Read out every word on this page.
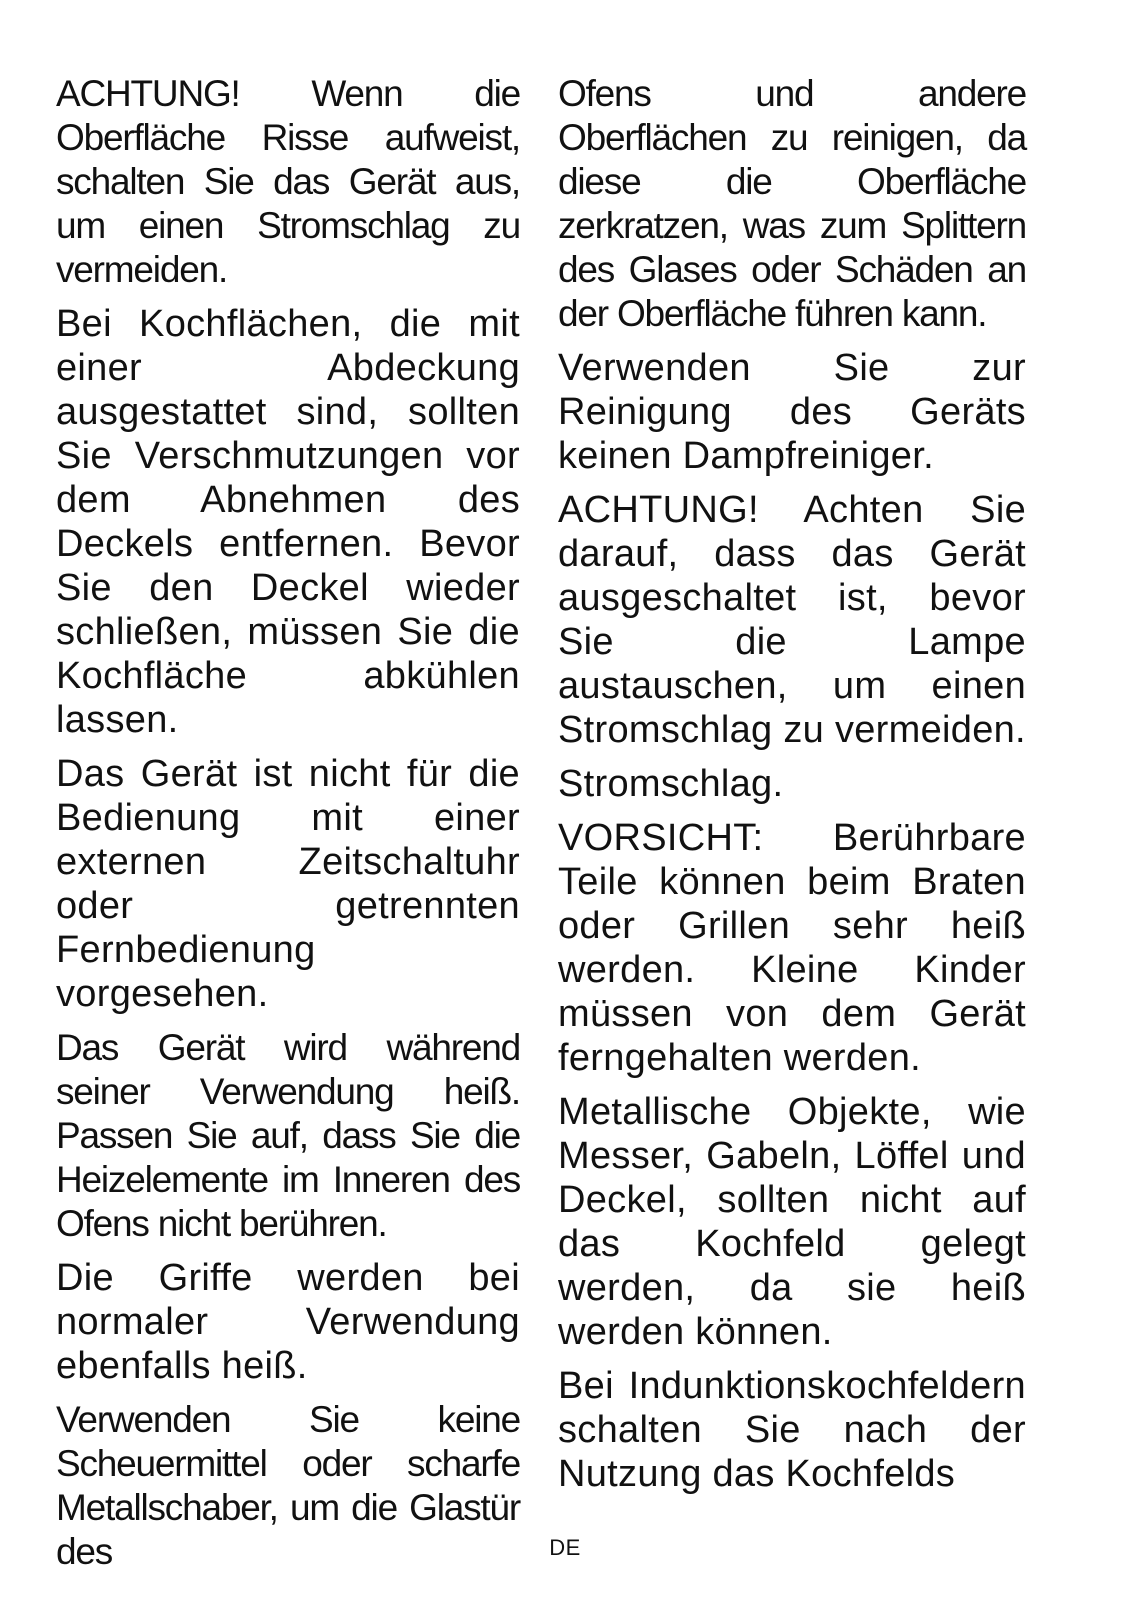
ACHTUNG! Wenn die Oberfläche Risse aufweist, schalten Sie das Gerät aus, um einen Stromschlag zu vermeiden.

Bei Kochflächen, die mit einer Abdeckung ausgestattet sind, sollten Sie Verschmutzungen vor dem Abnehmen des Deckels entfernen. Bevor Sie den Deckel wieder schließen, müssen Sie die Kochfläche abkühlen lassen.

Das Gerät ist nicht für die Bedienung mit einer externen Zeitschaltuhr oder getrennten Fernbedienung vorgesehen.

Das Gerät wird während seiner Verwendung heiß. Passen Sie auf, dass Sie die Heizelemente im Inneren des Ofens nicht berühren.

Die Griffe werden bei normaler Verwendung ebenfalls heiß.

Verwenden Sie keine Scheuermittel oder scharfe Metallschaber, um die Glastür des

Ofens und andere Oberflächen zu reinigen, da diese die Oberfläche zerkratzen, was zum Splittern des Glases oder Schäden an der Oberfläche führen kann.

Verwenden Sie zur Reinigung des Geräts keinen Dampfreiniger.

ACHTUNG! Achten Sie darauf, dass das Gerät ausgeschaltet ist, bevor Sie die Lampe austauschen, um einen Stromschlag zu vermeiden.

Stromschlag.

VORSICHT: Berührbare Teile können beim Braten oder Grillen sehr heiß werden. Kleine Kinder müssen von dem Gerät ferngehalten werden.

Metallische Objekte, wie Messer, Gabeln, Löffel und Deckel, sollten nicht auf das Kochfeld gelegt werden, da sie heiß werden können.

Bei Indunktionskochfeldern schalten Sie nach der Nutzung das Kochfelds

DE
